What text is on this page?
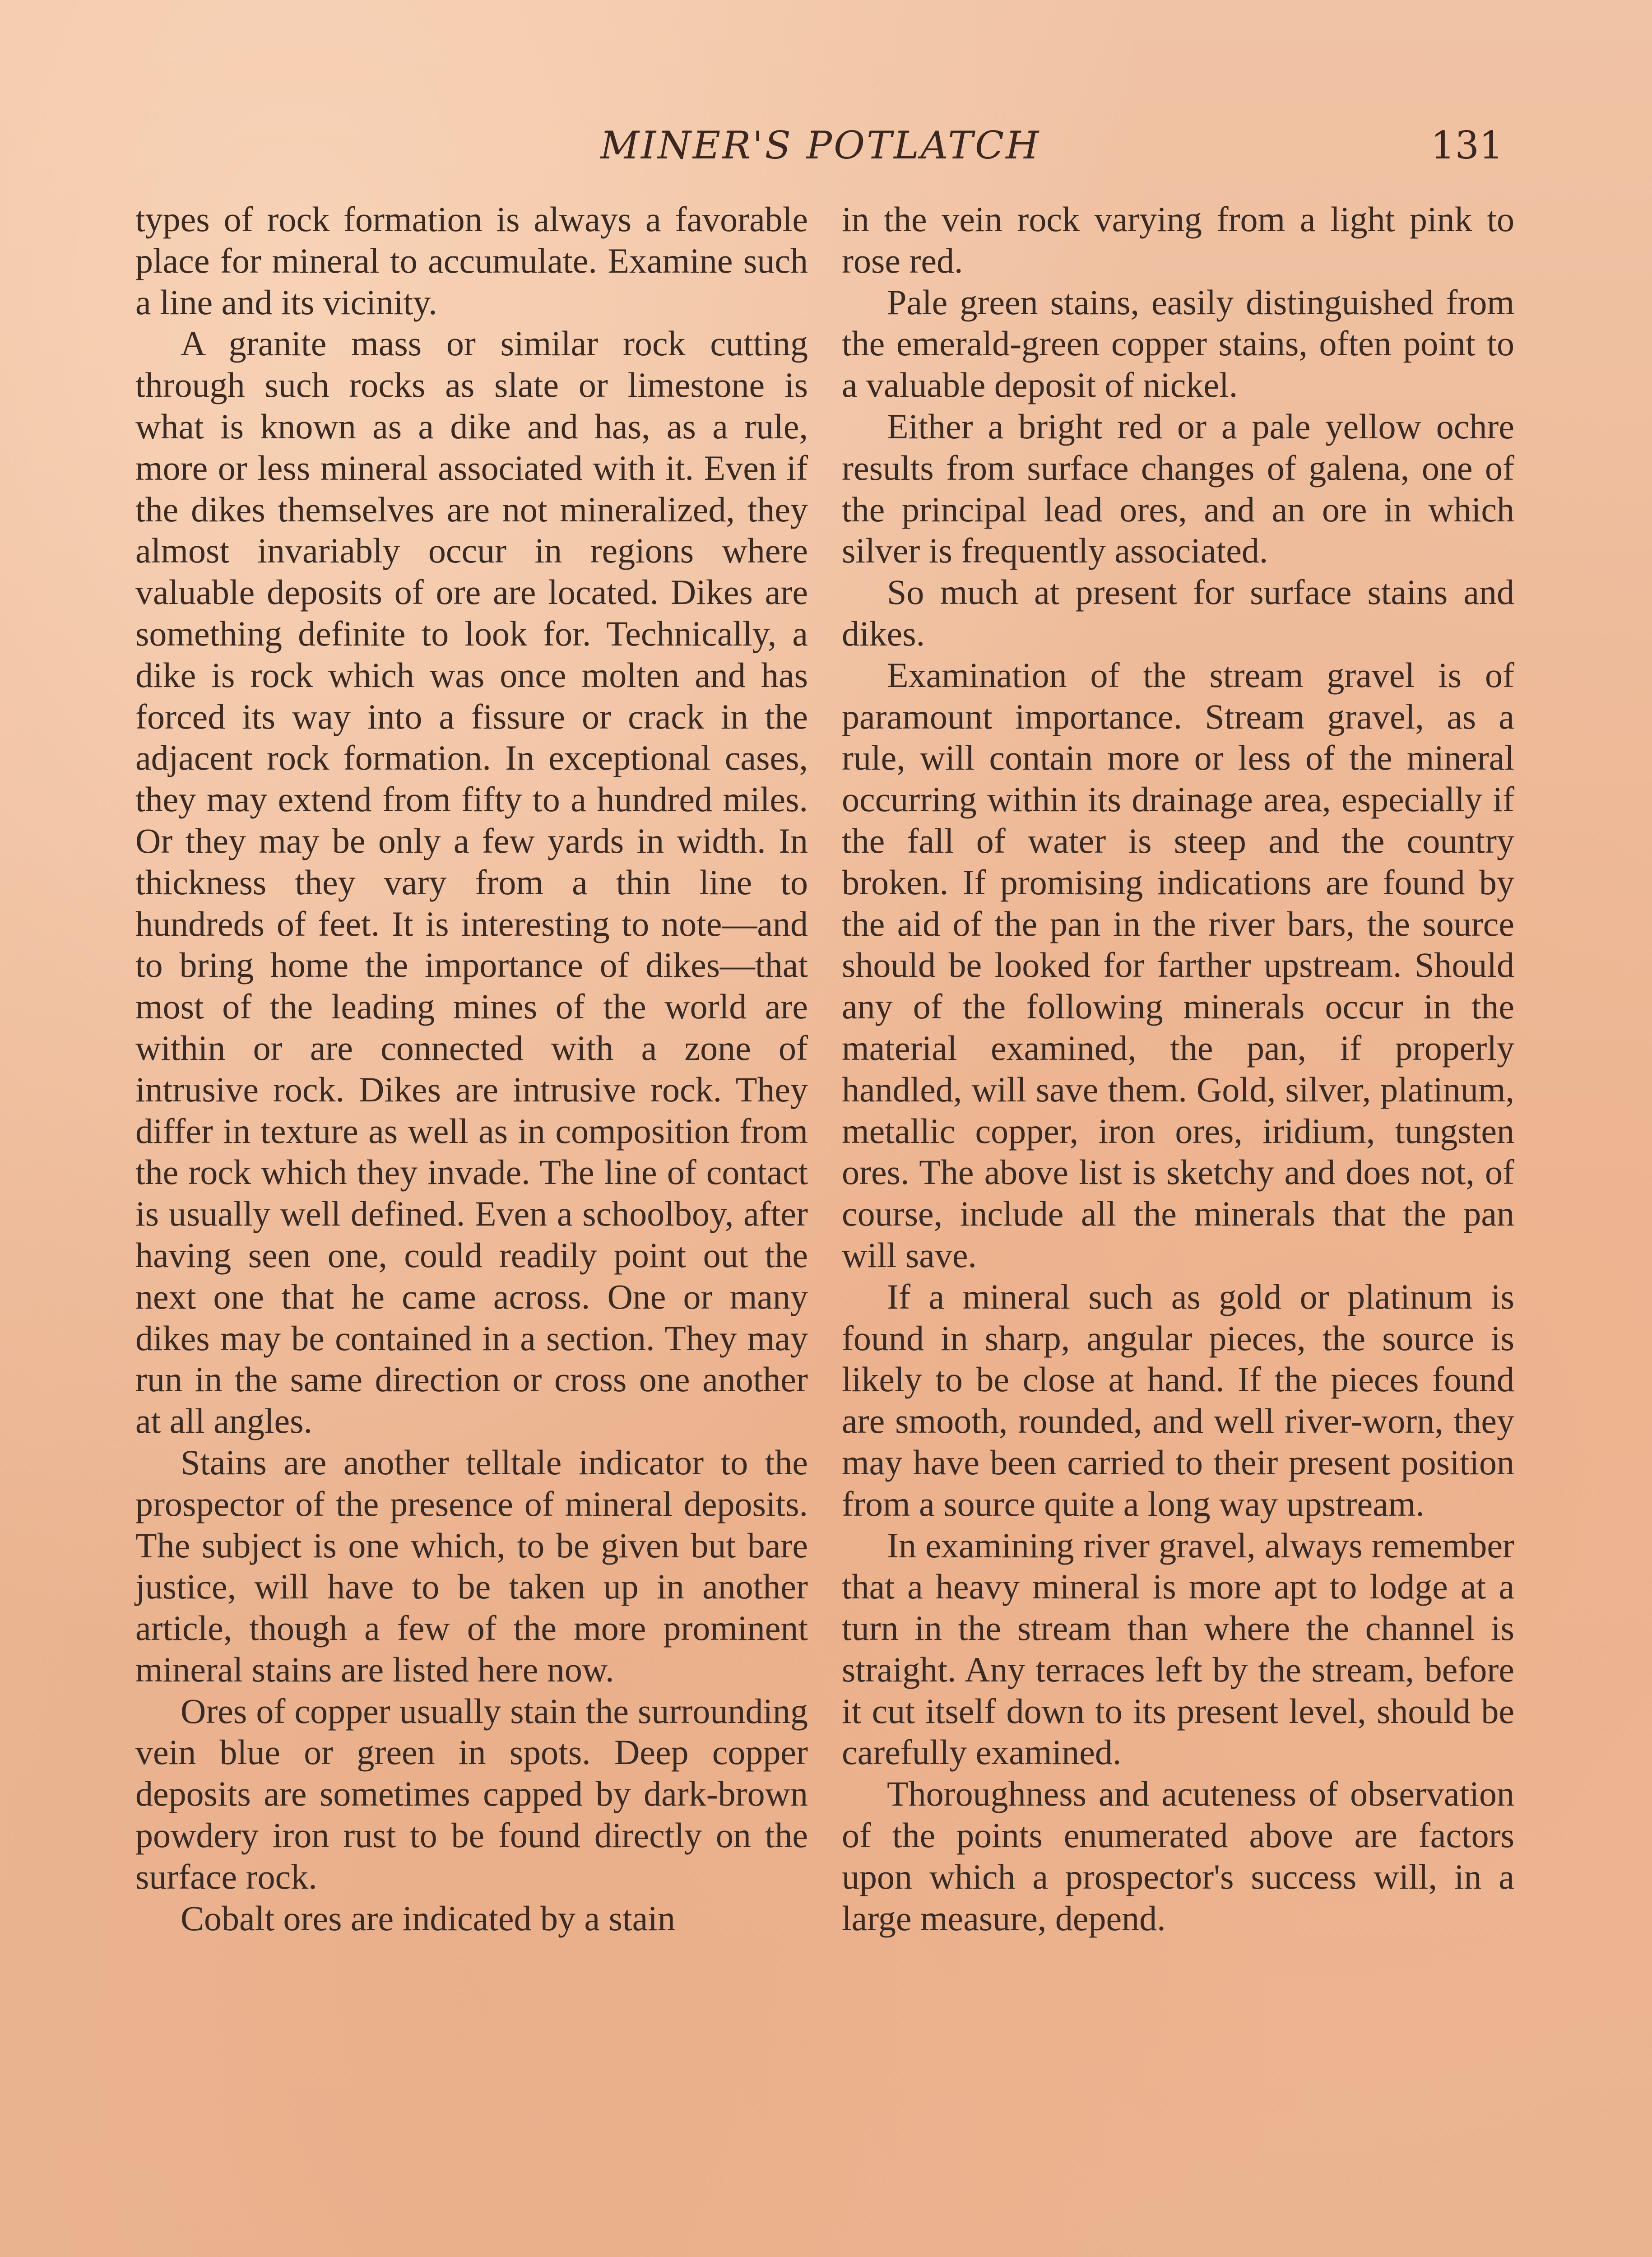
MINER'S POTLATCH	131

types of rock formation is always a favorable place for mineral to accumulate. Examine such a line and its vicinity.

A granite mass or similar rock cutting through such rocks as slate or limestone is what is known as a dike and has, as a rule, more or less mineral associated with it. Even if the dikes themselves are not mineralized, they almost invariably occur in regions where valuable deposits of ore are located. Dikes are something definite to look for. Technically, a dike is rock which was once molten and has forced its way into a fissure or crack in the adjacent rock formation. In exceptional cases, they may extend from fifty to a hundred miles. Or they may be only a few yards in width. In thickness they vary from a thin line to hundreds of feet. It is interesting to note—and to bring home the importance of dikes—that most of the leading mines of the world are within or are connected with a zone of intrusive rock. Dikes are intrusive rock. They differ in texture as well as in composition from the rock which they invade. The line of contact is usually well defined. Even a schoolboy, after having seen one, could readily point out the next one that he came across. One or many dikes may be contained in a section. They may run in the same direction or cross one another at all angles.

Stains are another telltale indicator to the prospector of the presence of mineral deposits. The subject is one which, to be given but bare justice, will have to be taken up in another article, though a few of the more prominent mineral stains are listed here now.

Ores of copper usually stain the surrounding vein blue or green in spots. Deep copper deposits are sometimes capped by dark-brown powdery iron rust to be found directly on the surface rock.

Cobalt ores are indicated by a stain

in the vein rock varying from a light pink to rose red.

Pale green stains, easily distinguished from the emerald-green copper stains, often point to a valuable deposit of nickel.

Either a bright red or a pale yellow ochre results from surface changes of galena, one of the principal lead ores, and an ore in which silver is frequently associated.

So much at present for surface stains and dikes.

Examination of the stream gravel is of paramount importance. Stream gravel, as a rule, will contain more or less of the mineral occurring within its drainage area, especially if the fall of water is steep and the country broken. If promising indications are found by the aid of the pan in the river bars, the source should be looked for farther upstream. Should any of the following minerals occur in the material examined, the pan, if properly handled, will save them. Gold, silver, platinum, metallic copper, iron ores, iridium, tungsten ores. The above list is sketchy and does not, of course, include all the minerals that the pan will save.

If a mineral such as gold or platinum is found in sharp, angular pieces, the source is likely to be close at hand. If the pieces found are smooth, rounded, and well river-worn, they may have been carried to their present position from a source quite a long way upstream.

In examining river gravel, always remember that a heavy mineral is more apt to lodge at a turn in the stream than where the channel is straight. Any terraces left by the stream, before it cut itself down to its present level, should be carefully examined.

Thoroughness and acuteness of observation of the points enumerated above are factors upon which a prospector's success will, in a large measure, depend.
